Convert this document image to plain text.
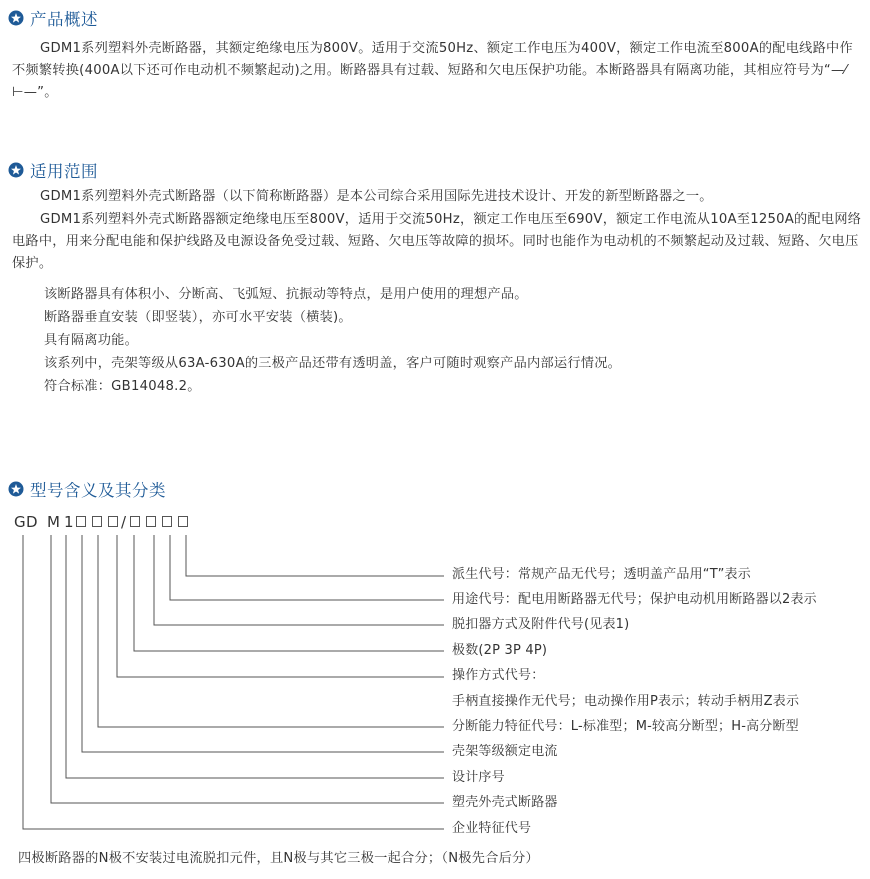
产品概述

GDM1系列塑料外壳断路器，其额定绝缘电压为800V。适用于交流50Hz、额定工作电压为400V，额定工作电流至800A的配电线路中作不频繁转换(400A以下还可作电动机不频繁起动)之用。断路器具有过载、短路和欠电压保护功能。本断路器具有隔离功能，其相应符号为“—⁄ ⊢—”。

适用范围

GDM1系列塑料外壳式断路器（以下简称断路器）是本公司综合采用国际先进技术设计、开发的新型断路器之一。

GDM1系列塑料外壳式断路器额定绝缘电压至800V，适用于交流50Hz，额定工作电压至690V，额定工作电流从10A至1250A的配电网络电路中，用来分配电能和保护线路及电源设备免受过载、短路、欠电压等故障的损坏。同时也能作为电动机的不频繁起动及过载、短路、欠电压保护。

该断路器具有体积小、分断高、飞弧短、抗振动等特点，是用户使用的理想产品。
断路器垂直安装（即竖装），亦可水平安装（横装)。
具有隔离功能。
该系列中，壳架等级从63A-630A的三极产品还带有透明盖，客户可随时观察产品内部运行情况。
符合标准：GB14048.2。
型号含义及其分类
G D M 1	/
派生代号：常规产品无代号；透明盖产品用“T”表示
用途代号：配电用断路器无代号；保护电动机用断路器以2表示
脱扣器方式及附件代号(见表1)
极数(2P 3P 4P)
操作方式代号：
手柄直接操作无代号；电动操作用P表示；转动手柄用Z表示
分断能力特征代号：L-标准型；M-较高分断型；H-高分断型
壳架等级额定电流
设计序号
塑壳外壳式断路器
企业特征代号
四极断路器的N极不安装过电流脱扣元件，且N极与其它三极一起合分；（N极先合后分）
